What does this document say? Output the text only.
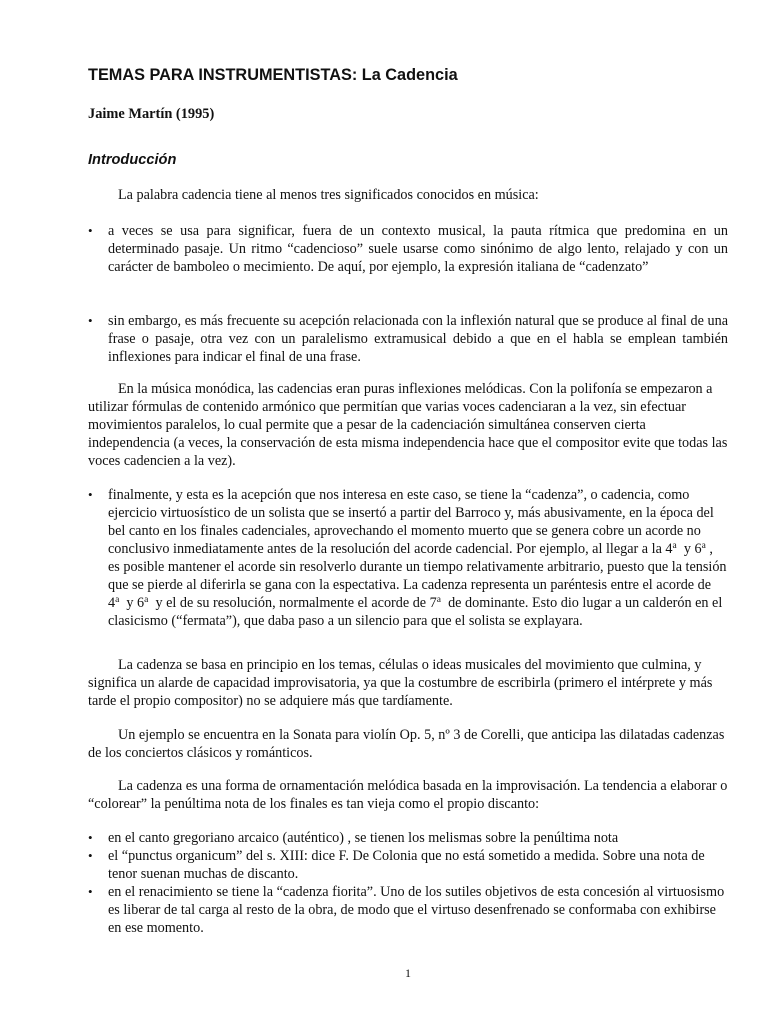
TEMAS PARA INSTRUMENTISTAS: La Cadencia

Jaime Martín (1995)

Introducción

La palabra cadencia tiene al menos tres significados conocidos en música:

•	a veces se usa para significar, fuera de un contexto musical, la pauta rítmica que predomina en un determinado pasaje. Un ritmo “cadencioso” suele usarse como sinónimo de algo lento, relajado y con un carácter de bamboleo o mecimiento. De aquí, por ejemplo, la expresión italiana de “cadenzato”
•	sin embargo, es más frecuente su acepción relacionada con la inflexión natural que se produce al final de una frase o pasaje, otra vez con un paralelismo extramusical debido a que en el habla se emplean también inflexiones para indicar el final de una frase.

En la música monódica, las cadencias eran puras inflexiones melódicas. Con la polifonía se empezaron a utilizar fórmulas de contenido armónico que permitían que varias voces cadenciaran a la vez, sin efectuar movimientos paralelos, lo cual permite que a pesar de la cadenciación simultánea conserven cierta independencia (a veces, la conservación de esta misma independencia hace que el compositor evite que todas las voces cadencien a la vez).

•	finalmente, y esta es la acepción que nos interesa en este caso, se tiene la “cadenza”, o cadencia, como ejercicio virtuosístico de un solista que se insertó a partir del Barroco y, más abusivamente, en la época del bel canto en los finales cadenciales, aprovechando el momento muerto que se genera cobre un acorde no conclusivo inmediatamente antes de la resolución del acorde cadencial. Por ejemplo, al llegar a la 4$^a$ y 6$^a$ , es posible mantener el acorde sin resolverlo durante un tiempo relativamente arbitrario, puesto que la tensión que se pierde al diferirla se gana con la espectativa. La cadenza representa un paréntesis entre el acorde de 4$^a$ y 6$^a$ y el de su resolución, normalmente el acorde de 7$^a$ de dominante. Esto dio lugar a un calderón en el clasicismo (“fermata”), que daba paso a un silencio para que el solista se explayara.

La cadenza se basa en principio en los temas, células o ideas musicales del movimiento que culmina, y significa un alarde de capacidad improvisatoria, ya que la costumbre de escribirla (primero el intérprete y más tarde el propio compositor) no se adquiere más que tardíamente.

Un ejemplo se encuentra en la Sonata para violín Op. 5, nº 3 de Corelli, que anticipa las dilatadas cadenzas de los conciertos clásicos y románticos.

La cadenza es una forma de ornamentación melódica basada en la improvisación. La tendencia a elaborar o “colorear” la penúltima nota de los finales es tan vieja como el propio discanto:

•	en el canto gregoriano arcaico (auténtico) , se tienen los melismas sobre la penúltima nota
•	el “punctus organicum” del s. XIII: dice F. De Colonia que no está sometido a medida. Sobre una nota de tenor suenan muchas de discanto.
•	en el renacimiento se tiene la “cadenza fiorita”. Uno de los sutiles objetivos de esta concesión al virtuosismo es liberar de tal carga al resto de la obra, de modo que el virtuso desenfrenado se conformaba con exhibirse en ese momento.
1
